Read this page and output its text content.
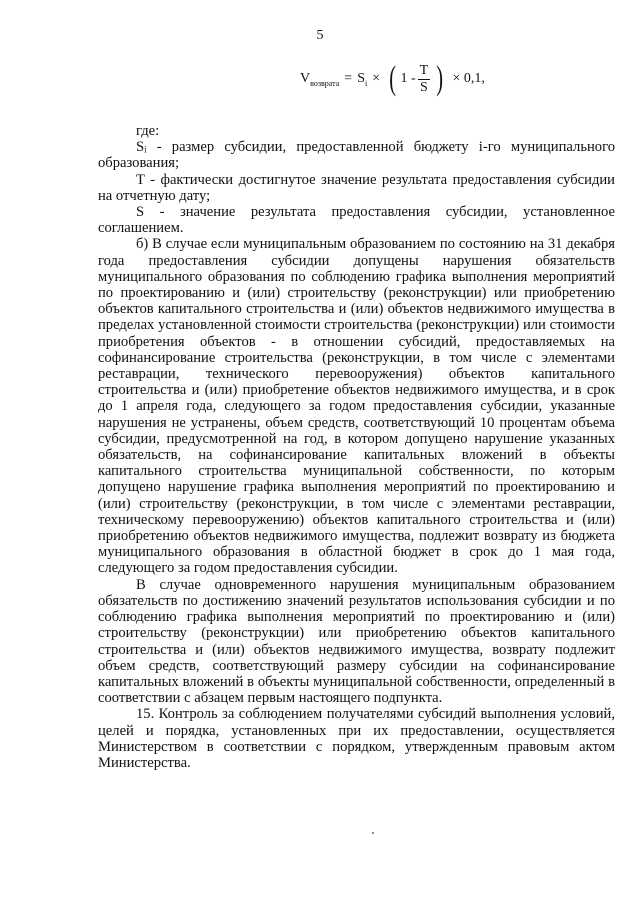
5
$V_{возврата} = S_i$ × ( $1 - \frac{T}{S}$ ) × 0,1,

где:

Sᵢ - размер субсидии, предоставленной бюджету i-го муниципального образования;

T - фактически достигнутое значение результата предоставления субсидии на отчетную дату;

S - значение результата предоставления субсидии, установленное соглашением.

б) В случае если муниципальным образованием по состоянию на 31 декабря года предоставления субсидии допущены нарушения обязательств муниципального образования по соблюдению графика выполнения мероприятий по проектированию и (или) строительству (реконструкции) или приобретению объектов капитального строительства и (или) объектов недвижимого имущества в пределах установленной стоимости строительства (реконструкции) или стоимости приобретения объектов - в отношении субсидий, предоставляемых на софинансирование строительства (реконструкции, в том числе с элементами реставрации, технического перевооружения) объектов капитального строительства и (или) приобретение объектов недвижимого имущества, и в срок до 1 апреля года, следующего за годом предоставления субсидии, указанные нарушения не устранены, объем средств, соответствующий 10 процентам объема субсидии, предусмотренной на год, в котором допущено нарушение указанных обязательств, на софинансирование капитальных вложений в объекты капитального строительства муниципальной собственности, по которым допущено нарушение графика выполнения мероприятий по проектированию и (или) строительству (реконструкции, в том числе с элементами реставрации, техническому перевооружению) объектов капитального строительства и (или) приобретению объектов недвижимого имущества, подлежит возврату из бюджета муниципального образования в областной бюджет в срок до 1 мая года, следующего за годом предоставления субсидии.

В случае одновременного нарушения муниципальным образованием обязательств по достижению значений результатов использования субсидии и по соблюдению графика выполнения мероприятий по проектированию и (или) строительству (реконструкции) или приобретению объектов капитального строительства и (или) объектов недвижимого имущества, возврату подлежит объем средств, соответствующий размеру субсидии на софинансирование капитальных вложений в объекты муниципальной собственности, определенный в соответствии с абзацем первым настоящего подпункта.

15. Контроль за соблюдением получателями субсидий выполнения условий, целей и порядка, установленных при их предоставлении, осуществляется Министерством в соответствии с порядком, утвержденным правовым актом Министерства.
